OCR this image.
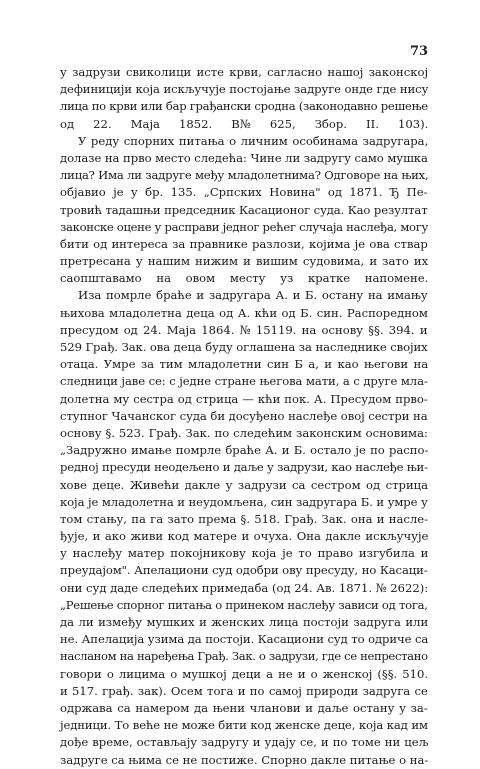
73
у задрузи свиколици исте крви, сагласно нашој законској
дефиницији која искључује постојање задруге онде где нису
лица по крви или бар грађански сродна (законодавно решење
од 22. Маја 1852. В№ 625, Збор. II. 103).
У реду спорних питања о личним особинама задругара,
долазе на прво место следећа: Чине ли задругу само мушка
лица? Има ли задруге међу младолетнима? Одговоре на њих,
објавио је у бр. 135. „Српских Новина" од 1871. Ђ Пе-
тровић тадашњи председник Касационог суда. Као резултат
законске оцене у расправи једног рећег случаја наслеђа, могу
бити од интереса за правнике разлози, којима је ова ствар
претресана у нашим нижим и вишим судовима, и зато их
саопштавамо на овом месту уз кратке напомене.
Иза помрле браће и задругара А. и Б. остану на имању
њихова младолетна деца од А. кћи од Б. син. Распоредном
пресудом од 24. Маја 1864. № 15119. на основу §§. 394. и
529 Грађ. Зак. ова деца буду оглашена за наследнике својих
отаца. Умре за тим младолетни син Б а, и као његови на
следници јаве се: с једне стране његова мати, а с друге мла-
долетна му сестра од стрица — кћи пок. А. Пресудом прво-
ступног Чачанског суда би досуђено наслеђе овој сестри на
основу §. 523. Грађ. Зак. по следећим законским основима:
„Задружно имање помрле браће А. и Б. остало је по распо-
редној пресуди неодељено и даље у задрузи, као наслеђе њи-
хове деце. Живећи дакле у задрузи са сестром од стрица
која је младолетна и неудомљена, син задругара Б. и умре у
том стању, па га зато према §. 518. Грађ. Зак. она и насле-
ђује, и ако живи код матере и очуха. Она дакле искључује
у наслеђу матер покојникову која је то право изгубила и
преудајом". Апелациони суд одобри ову пресуду, но Касаци-
они суд даде следећих примедаба (од 24. Ав. 1871. № 2622):
„Решење спорног питања о принеком наслеђу зависи од тога,
да ли између мушких и женских лица постоји задруга или
не. Апелација узима да постоји. Касациони суд то одриче са
насланом на наређења Грађ. Зак. о задрузи, где се непрестано
говори о лицима о мушкој деци а не и о женској (§§. 510.
и 517. грађ. зак). Осем тога и по самој природи задруга се
одржава са намером да њени чланови и даље остану у за-
једници. То веће не може бити код женске деце, која кад им
дође време, остављају задругу и удају се, и по томе ни цељ
задруге са њима се не постиже. Спорно дакле питање о на-
